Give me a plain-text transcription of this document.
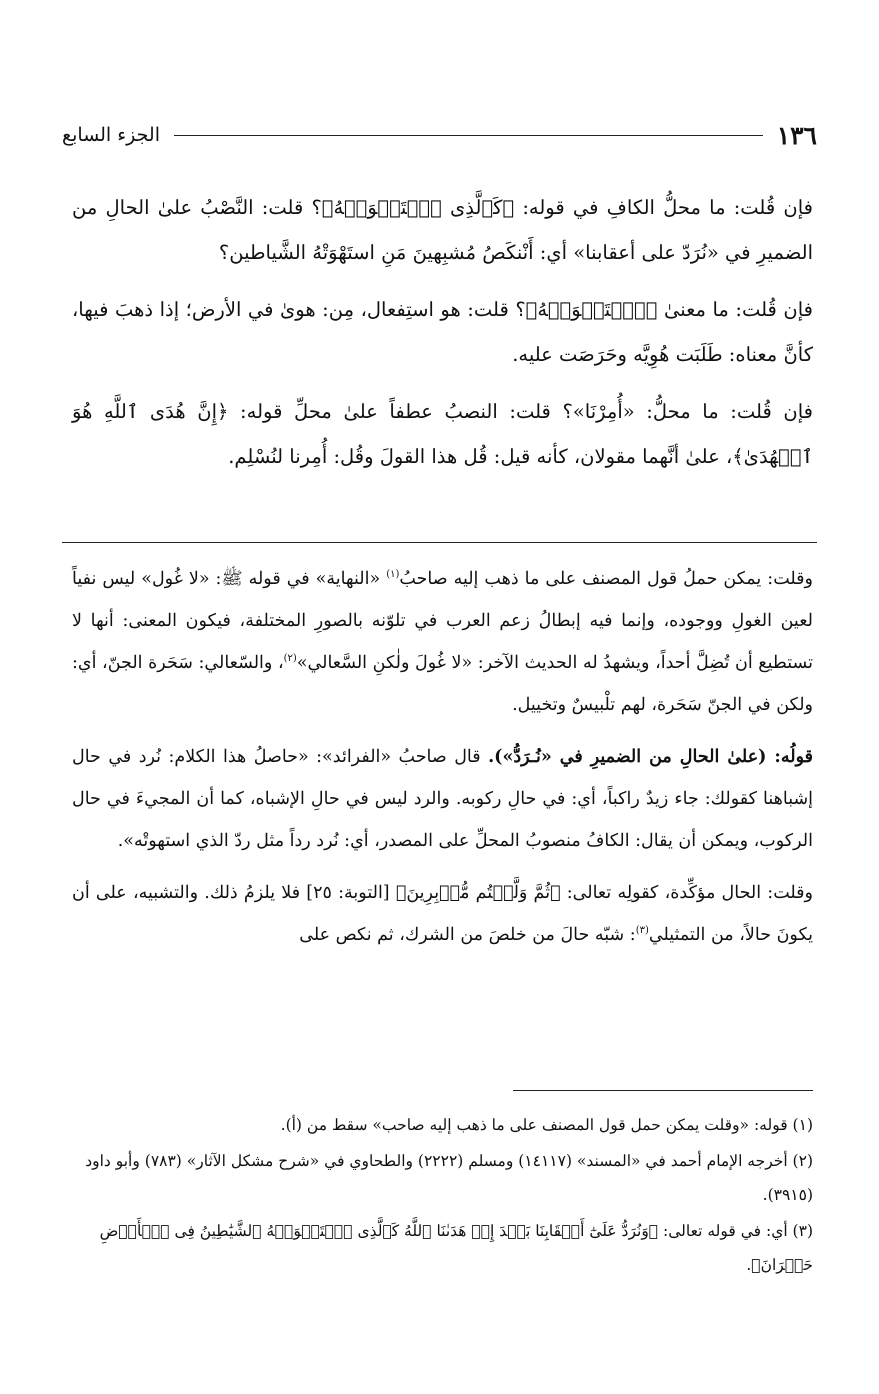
١٣٦
الجزء السابع

فإن قُلت: ما محلُّ الكافِ في قوله: ﴿كَٱلَّذِى ٱسۡتَهۡوَتۡهُ﴾؟ قلت: النَّصْبُ علىٰ الحالِ من الضميرِ في «نُرَدّ على أعقابنا» أي: أَنْنكَصُ مُشبِهينَ مَنِ استَهْوَتْهُ الشَّياطين؟

فإن قُلت: ما معنىٰ ﴿ٱسۡتَهۡوَتۡهُ﴾؟ قلت: هو استِفعال، مِن: هوىٰ في الأرض؛ إذا ذهبَ فيها، كأنَّ معناه: طَلَبَت هُوِيَّه وحَرَصَت عليه.

فإن قُلت: ما محلُّ: «أُمِرْنَا»؟ قلت: النصبُ عطفاً علىٰ محلِّ قوله: ﴿إِنَّ هُدَى ٱللَّهِ هُوَ ٱلۡهُدَىٰ﴾، علىٰ أنَّهما مقولان، كأنه قيل: قُل هذا القولَ وقُل: أُمِرنا لنُسْلِم.

وقلت: يمكن حملُ قول المصنف على ما ذهب إليه صاحبُ$^{(١)}$ «النهاية» في قوله ﷺ: «لا غُول» ليس نفياً لعين الغولِ ووجوده، وإنما فيه إبطالُ زعم العرب في تلوّنه بالصورِ المختلفة، فيكون المعنى: أنها لا تستطيع أن تُضِلَّ أحداً، ويشهدُ له الحديث الآخر: «لا غُولَ ولٰكنِ السَّعالي»$^{(٢)}$، والسّعالي: سَحَرة الجنّ، أي: ولكن في الجنّ سَحَرة، لهم تلْبيسٌ وتخييل.

قولُه: (علىٰ الحالِ من الضميرِ في «نُـرَدُّ»). قال صاحبُ «الفرائد»: «حاصلُ هذا الكلام: نُرد في حال إشباهنا كقولك: جاء زيدٌ راكباً، أي: في حالِ ركوبه. والرد ليس في حالِ الإشباه، كما أن المجيءَ في حال الركوب، ويمكن أن يقال: الكافُ منصوبُ المحلِّ على المصدر، أي: نُرد رداً مثل ردّ الذي استهوتْه».

وقلت: الحال مؤكِّدة، كقولِه تعالى: ﴿ثُمَّ وَلَّيۡتُم مُّدۡبِرِينَ﴾ [التوبة: ٢٥] فلا يلزمُ ذلك. والتشبيه، على أن يكونَ حالاً، من التمثيلي$^{(٣)}$: شبّه حالَ من خلصَ من الشرك، ثم نكص على

(١) قوله: «وقلت يمكن حمل قول المصنف على ما ذهب إليه صاحب» سقط من (أ).

(٢) أخرجه الإمام أحمد في «المسند» (١٤١١٧) ومسلم (٢٢٢٢) والطحاوي في «شرح مشكل الآثار» (٧٨٣) وأبو داود (٣٩١٥).

(٣) أي: في قوله تعالى: ﴿وَنُرَدُّ عَلَىٰٓ أَعۡقَابِنَا بَعۡدَ إِذۡ هَدَىٰنَا ٱللَّهُ كَٱلَّذِى ٱسۡتَهۡوَتۡهُ ٱلشَّيَٰطِينُ فِى ٱلۡأَرۡضِ حَيۡرَانَ﴾.
